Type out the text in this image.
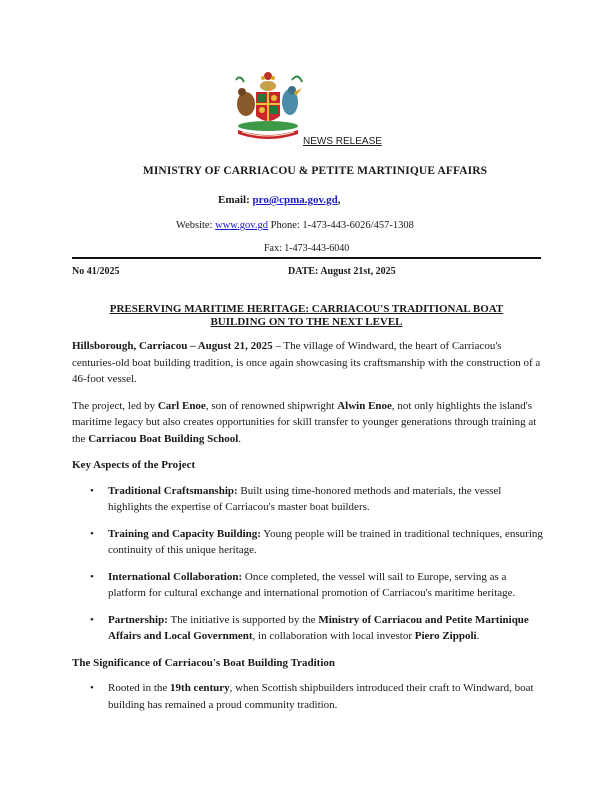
NEWS RELEASE
MINISTRY OF CARRIACOU & PETITE MARTINIQUE AFFAIRS
Email: pro@cpma.gov.gd,
Website: www.gov.gd Phone: 1-473-443-6026/457-1308
Fax: 1-473-443-6040
No 41/2025	DATE: August 21st, 2025
PRESERVING MARITIME HERITAGE: CARRIACOU'S TRADITIONAL BOAT
BUILDING ON TO THE NEXT LEVEL

Hillsborough, Carriacou – August 21, 2025 – The village of Windward, the heart of Carriacou's centuries-old boat building tradition, is once again showcasing its craftsmanship with the construction of a 46-foot vessel.

The project, led by Carl Enoe, son of renowned shipwright Alwin Enoe, not only highlights the island's maritime legacy but also creates opportunities for skill transfer to younger generations through training at the Carriacou Boat Building School.

Key Aspects of the Project

• Traditional Craftsmanship: Built using time-honored methods and materials, the vessel highlights the expertise of Carriacou's master boat builders.
• Training and Capacity Building: Young people will be trained in traditional techniques, ensuring continuity of this unique heritage.
• International Collaboration: Once completed, the vessel will sail to Europe, serving as a platform for cultural exchange and international promotion of Carriacou's maritime heritage.
• Partnership: The initiative is supported by the Ministry of Carriacou and Petite Martinique Affairs and Local Government, in collaboration with local investor Piero Zippoli.

The Significance of Carriacou's Boat Building Tradition

• Rooted in the 19th century, when Scottish shipbuilders introduced their craft to Windward, boat building has remained a proud community tradition.
